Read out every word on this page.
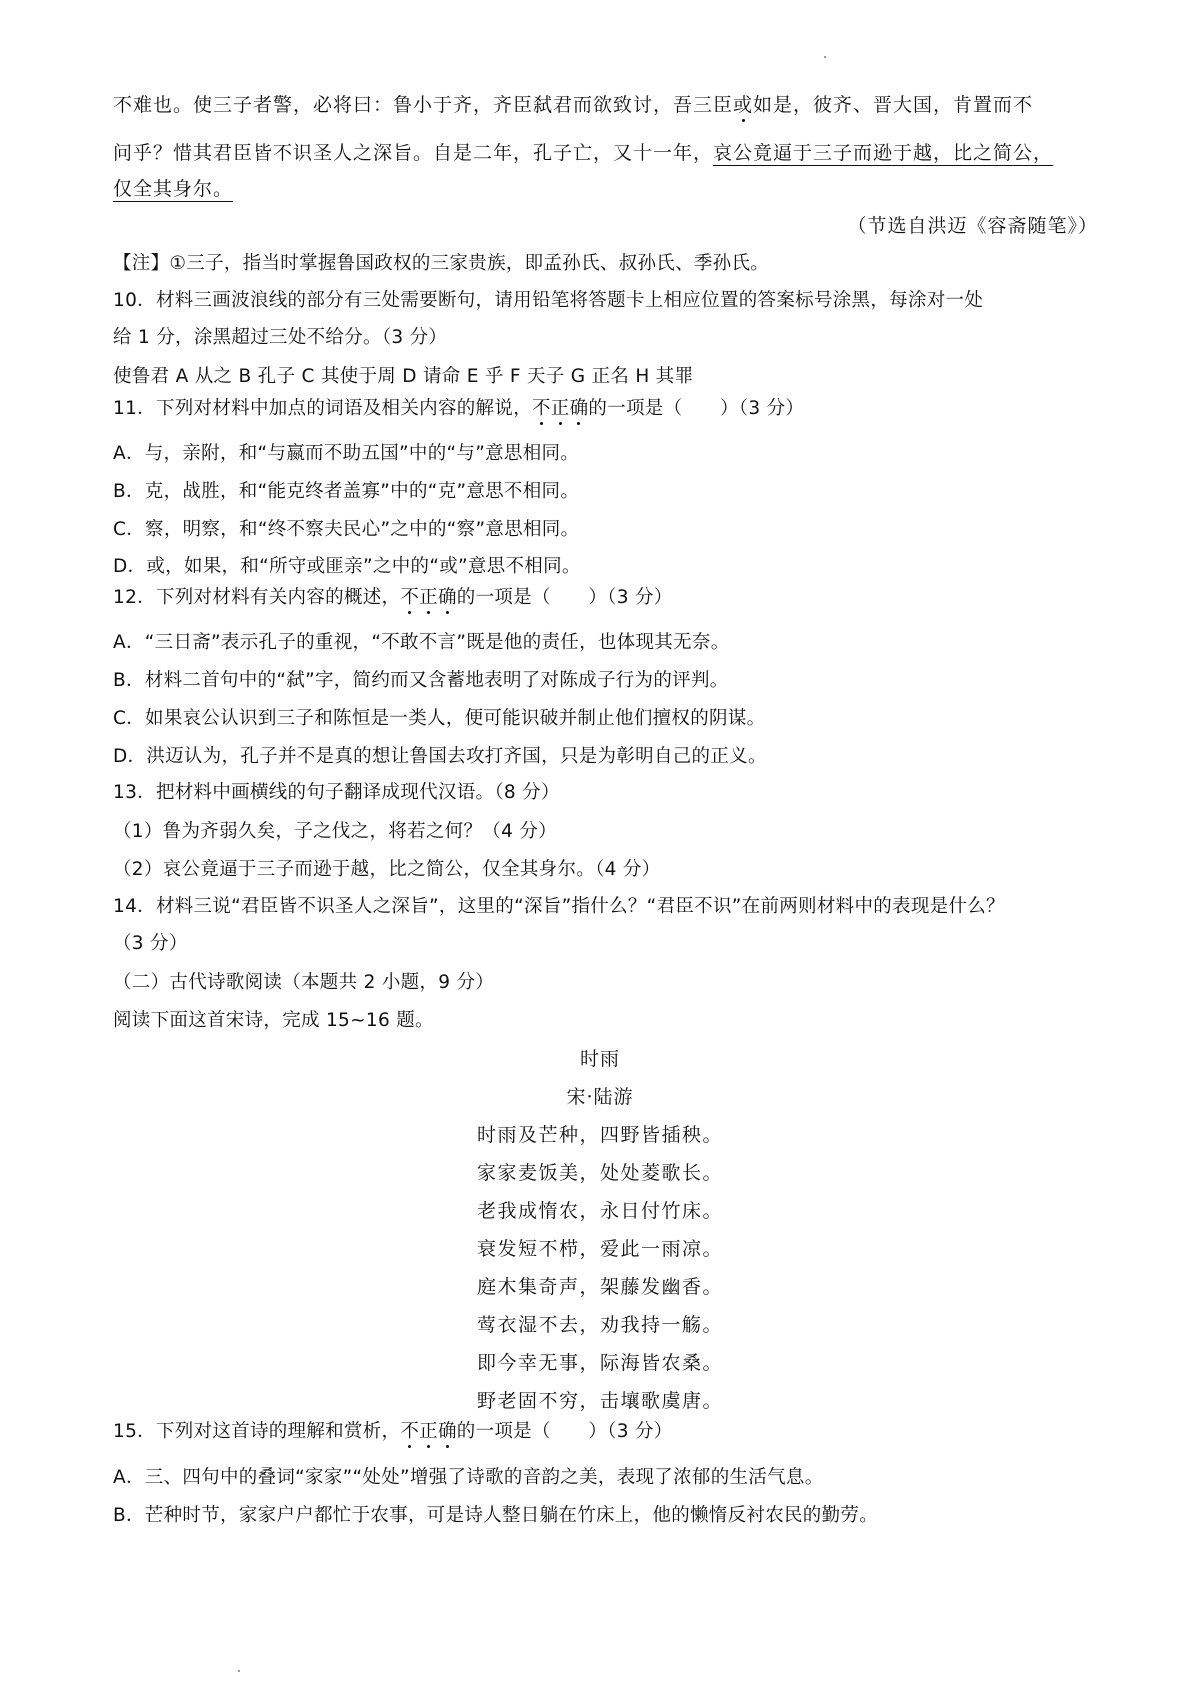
不难也。使三子者警，必将曰：鲁小于齐，齐臣弑君而欲致讨，吾三臣或如是，彼齐、晋大国，肯置而不
问乎？惜其君臣皆不识圣人之深旨。自是二年，孔子亡，又十一年，哀公竟逼于三子而逊于越，比之简公，
仅全其身尔。
（节选自洪迈《容斋随笔》）
【注】①三子，指当时掌握鲁国政权的三家贵族，即孟孙氏、叔孙氏、季孙氏。
10．材料三画波浪线的部分有三处需要断句，请用铅笔将答题卡上相应位置的答案标号涂黑，每涂对一处
给 1 分，涂黑超过三处不给分。（3 分）
使鲁君 A 从之 B 孔子 C 其使于周 D 请命 E 乎 F 天子 G 正名 H 其罪
11．下列对材料中加点的词语及相关内容的解说，不正确的一项是（　　）（3 分）
A．与，亲附，和“与嬴而不助五国”中的“与”意思相同。
B．克，战胜，和“能克终者盖寡”中的“克”意思不相同。
C．察，明察，和“终不察夫民心”之中的“察”意思相同。
D．或，如果，和“所守或匪亲”之中的“或”意思不相同。
12．下列对材料有关内容的概述，不正确的一项是（　　）（3 分）
A．“三日斋”表示孔子的重视，“不敢不言”既是他的责任，也体现其无奈。
B．材料二首句中的“弑”字，简约而又含蓄地表明了对陈成子行为的评判。
C．如果哀公认识到三子和陈恒是一类人，便可能识破并制止他们擅权的阴谋。
D．洪迈认为，孔子并不是真的想让鲁国去攻打齐国，只是为彰明自己的正义。
13．把材料中画横线的句子翻译成现代汉语。（8 分）
（1）鲁为齐弱久矣，子之伐之，将若之何？（4 分）
（2）哀公竟逼于三子而逊于越，比之简公，仅全其身尔。（4 分）
14．材料三说“君臣皆不识圣人之深旨”，这里的“深旨”指什么？“君臣不识”在前两则材料中的表现是什么？
（3 分）
（二）古代诗歌阅读（本题共 2 小题，9 分）
阅读下面这首宋诗，完成 15~16 题。
时雨
宋·陆游
时雨及芒种，四野皆插秧。
家家麦饭美，处处菱歌长。
老我成惰农，永日付竹床。
衰发短不栉，爱此一雨凉。
庭木集奇声，架藤发幽香。
莺衣湿不去，劝我持一觞。
即今幸无事，际海皆农桑。
野老固不穷，击壤歌虞唐。
15．下列对这首诗的理解和赏析，不正确的一项是（　　）（3 分）
A．三、四句中的叠词“家家”“处处”增强了诗歌的音韵之美，表现了浓郁的生活气息。
B．芒种时节，家家户户都忙于农事，可是诗人整日躺在竹床上，他的懒惰反衬农民的勤劳。
